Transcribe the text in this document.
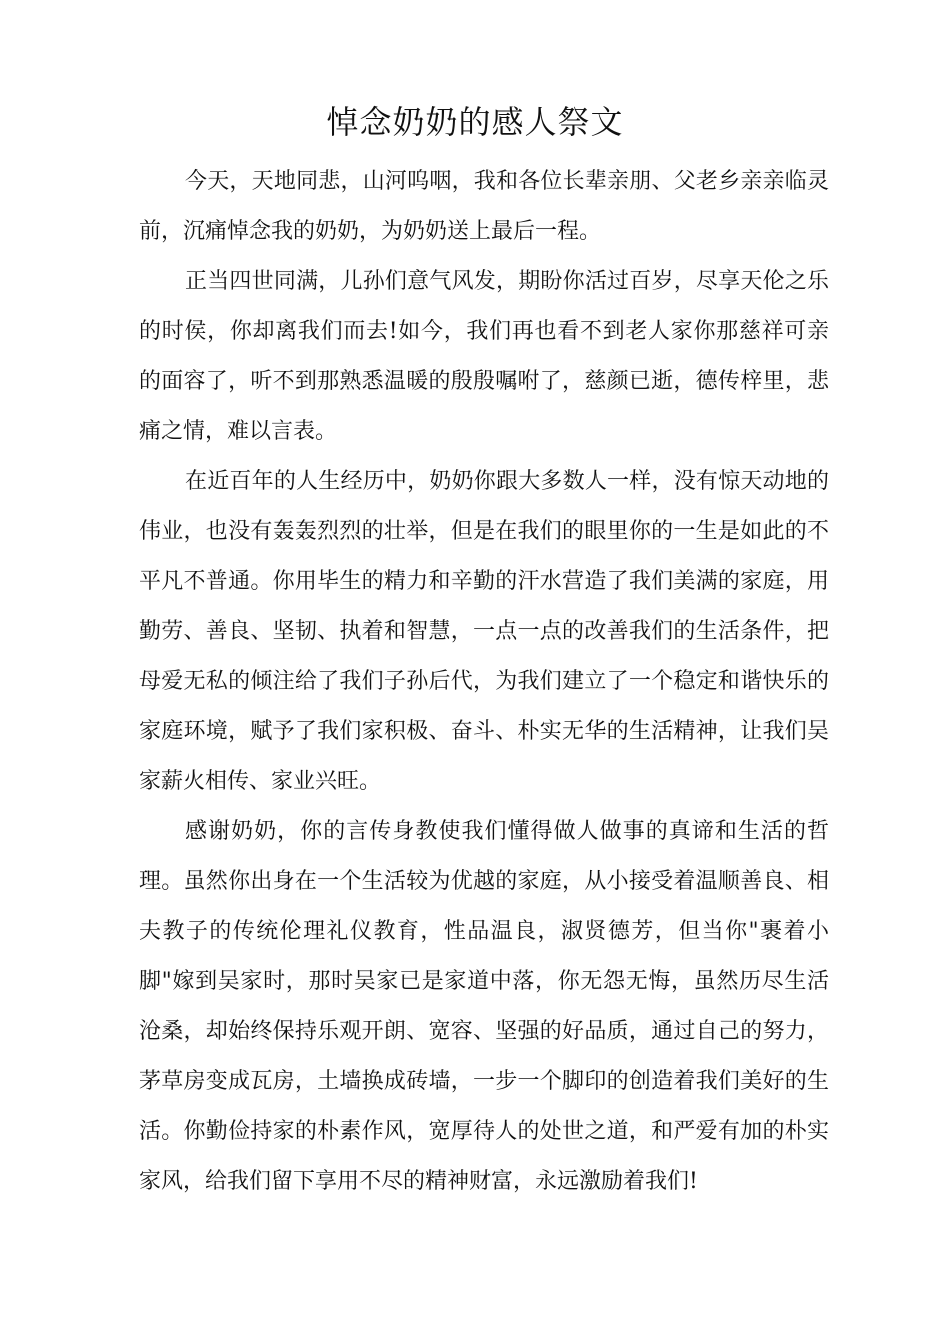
悼念奶奶的感人祭文

今天，天地同悲，山河呜咽，我和各位长辈亲朋、父老乡亲亲临灵前，沉痛悼念我的奶奶，为奶奶送上最后一程。

正当四世同满，儿孙们意气风发，期盼你活过百岁，尽享天伦之乐的时侯，你却离我们而去!如今，我们再也看不到老人家你那慈祥可亲的面容了，听不到那熟悉温暖的殷殷嘱咐了，慈颜已逝，德传梓里，悲痛之情，难以言表。

在近百年的人生经历中，奶奶你跟大多数人一样，没有惊天动地的伟业，也没有轰轰烈烈的壮举，但是在我们的眼里你的一生是如此的不平凡不普通。你用毕生的精力和辛勤的汗水营造了我们美满的家庭，用勤劳、善良、坚韧、执着和智慧，一点一点的改善我们的生活条件，把母爱无私的倾注给了我们子孙后代，为我们建立了一个稳定和谐快乐的家庭环境，赋予了我们家积极、奋斗、朴实无华的生活精神，让我们吴家薪火相传、家业兴旺。

感谢奶奶，你的言传身教使我们懂得做人做事的真谛和生活的哲理。虽然你出身在一个生活较为优越的家庭，从小接受着温顺善良、相夫教子的传统伦理礼仪教育，性品温良，淑贤德芳，但当你"裹着小脚"嫁到吴家时，那时吴家已是家道中落，你无怨无悔，虽然历尽生活沧桑，却始终保持乐观开朗、宽容、坚强的好品质，通过自己的努力，茅草房变成瓦房，土墙换成砖墙，一步一个脚印的创造着我们美好的生活。你勤俭持家的朴素作风，宽厚待人的处世之道，和严爱有加的朴实家风，给我们留下享用不尽的精神财富，永远激励着我们!
